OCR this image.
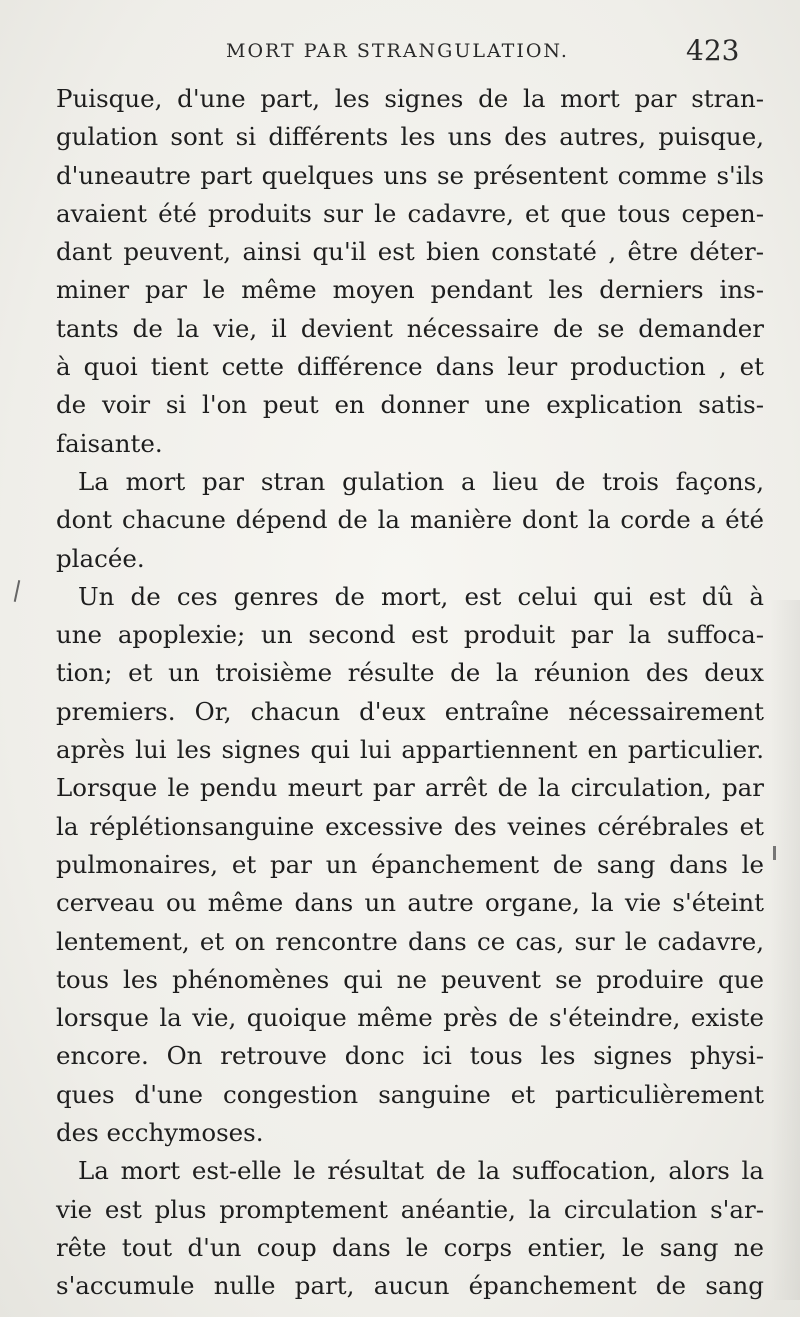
MORT PAR STRANGULATION.	423
Puisque, d'une part, les signes de la mort par stran-
gulation sont si différents les uns des autres, puisque,
d'uneautre part quelques uns se présentent comme s'ils
avaient été produits sur le cadavre, et que tous cepen-
dant peuvent, ainsi qu'il est bien constaté , être déter-
miner par le même moyen pendant les derniers ins-
tants de la vie, il devient nécessaire de se demander
à quoi tient cette différence dans leur production , et
de voir si l'on peut en donner une explication satis-
faisante.
La mort par stran gulation a lieu de trois façons,
dont chacune dépend de la manière dont la corde a été
placée.
Un de ces genres de mort, est celui qui est dû à
une apoplexie; un second est produit par la suffoca-
tion; et un troisième résulte de la réunion des deux
premiers. Or, chacun d'eux entraîne nécessairement
après lui les signes qui lui appartiennent en particulier.
Lorsque le pendu meurt par arrêt de la circulation, par
la réplétionsanguine excessive des veines cérébrales et
pulmonaires, et par un épanchement de sang dans le
cerveau ou même dans un autre organe, la vie s'éteint
lentement, et on rencontre dans ce cas, sur le cadavre,
tous les phénomènes qui ne peuvent se produire que
lorsque la vie, quoique même près de s'éteindre, existe
encore. On retrouve donc ici tous les signes physi-
ques d'une congestion sanguine et particulièrement
des ecchymoses.
La mort est-elle le résultat de la suffocation, alors la
vie est plus promptement anéantie, la circulation s'ar-
rête tout d'un coup dans le corps entier, le sang ne
s'accumule nulle part, aucun épanchement de sang
